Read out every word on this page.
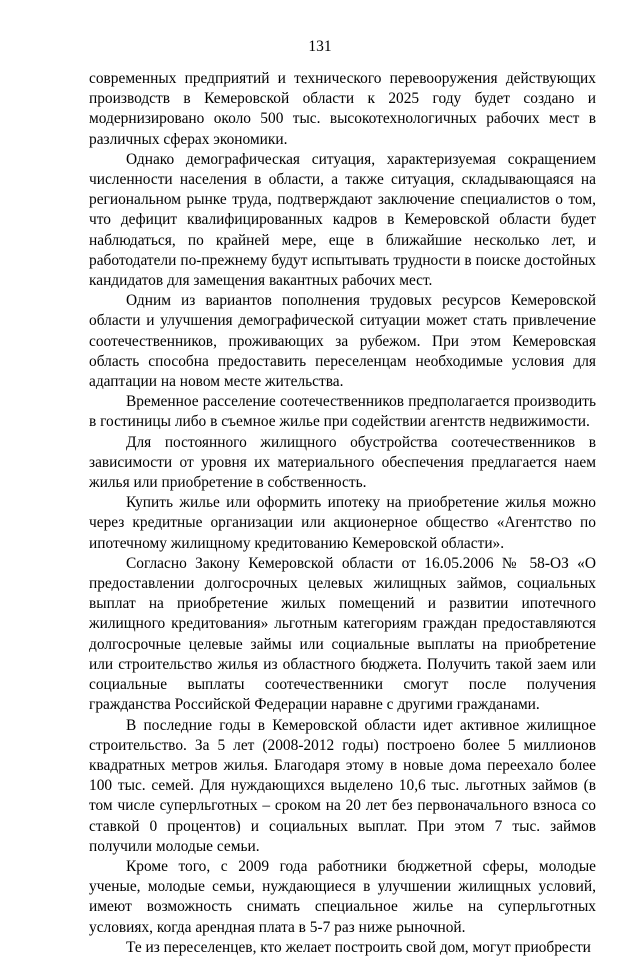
131

современных предприятий и технического перевооружения действующих производств в Кемеровской области к 2025 году будет создано и модернизировано около 500 тыс. высокотехнологичных рабочих мест в различных сферах экономики.

Однако демографическая ситуация, характеризуемая сокращением численности населения в области, а также ситуация, складывающаяся на региональном рынке труда, подтверждают заключение специалистов о том, что дефицит квалифицированных кадров в Кемеровской области будет наблюдаться, по крайней мере, еще в ближайшие несколько лет, и работодатели по-прежнему будут испытывать трудности в поиске достойных кандидатов для замещения вакантных рабочих мест.

Одним из вариантов пополнения трудовых ресурсов Кемеровской области и улучшения демографической ситуации может стать привлечение соотечественников, проживающих за рубежом. При этом Кемеровская область способна предоставить переселенцам необходимые условия для адаптации на новом месте жительства.

Временное расселение соотечественников предполагается производить в гостиницы либо в съемное жилье при содействии агентств недвижимости.

Для постоянного жилищного обустройства соотечественников в зависимости от уровня их материального обеспечения предлагается наем жилья или приобретение в собственность.

Купить жилье или оформить ипотеку на приобретение жилья можно через кредитные организации или акционерное общество «Агентство по ипотечному жилищному кредитованию Кемеровской области».

Согласно Закону Кемеровской области от 16.05.2006 № 58-ОЗ «О предоставлении долгосрочных целевых жилищных займов, социальных выплат на приобретение жилых помещений и развитии ипотечного жилищного кредитования» льготным категориям граждан предоставляются долгосрочные целевые займы или социальные выплаты на приобретение или строительство жилья из областного бюджета. Получить такой заем или социальные выплаты соотечественники смогут после получения гражданства Российской Федерации наравне с другими гражданами.

В последние годы в Кемеровской области идет активное жилищное строительство. За 5 лет (2008-2012 годы) построено более 5 миллионов квадратных метров жилья. Благодаря этому в новые дома переехало более 100 тыс. семей. Для нуждающихся выделено 10,6 тыс. льготных займов (в том числе суперльготных – сроком на 20 лет без первоначального взноса со ставкой 0 процентов) и социальных выплат. При этом 7 тыс. займов получили молодые семьи.

Кроме того, с 2009 года работники бюджетной сферы, молодые ученые, молодые семьи, нуждающиеся в улучшении жилищных условий, имеют возможность снимать специальное жилье на суперльготных условиях, когда арендная плата в 5-7 раз ниже рыночной.

Те из переселенцев, кто желает построить свой дом, могут приобрести
